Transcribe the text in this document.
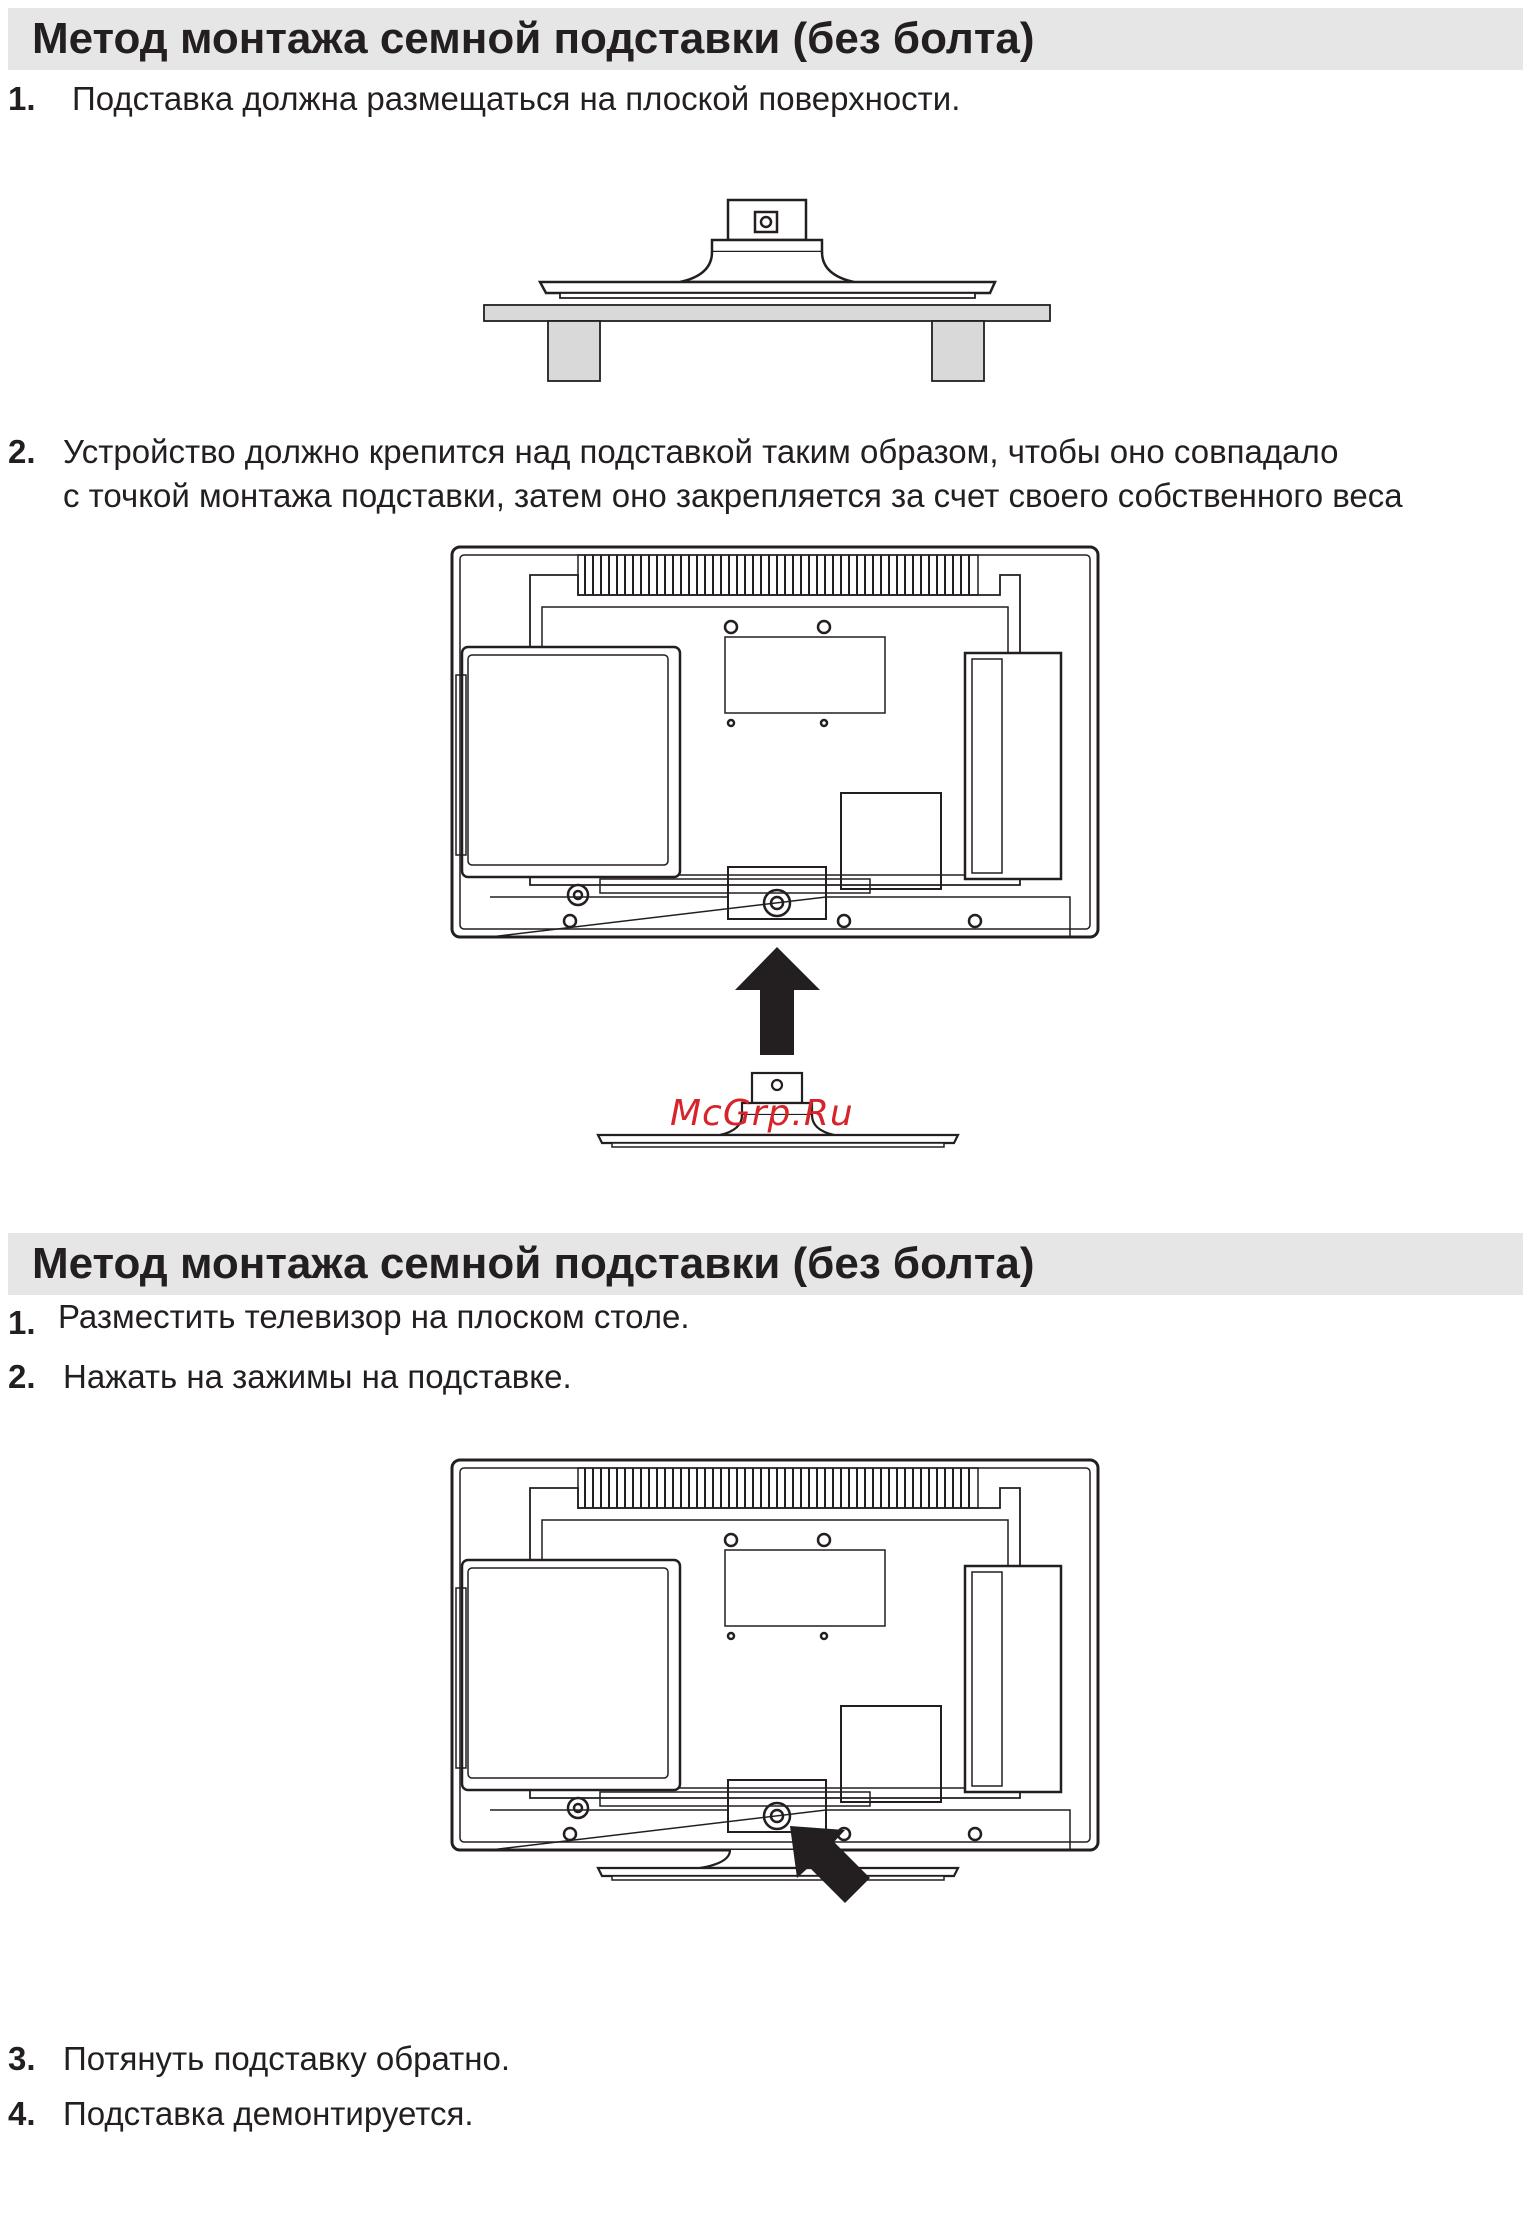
Метод монтажа семной подставки (без болта)
1. Подставка должна размещаться на плоской поверхности.
2. Устройство должно крепится над подставкой таким образом, чтобы оно совпадало
с точкой монтажа подставки, затем оно закрепляется за счет своего собственного веса
McGrp.Ru
Метод монтажа семной подставки (без болта)
1. Разместить телевизор на плоском столе.
2. Нажать на зажимы на подставке.
3. Потянуть подставку обратно.
4. Подставка демонтируется.
